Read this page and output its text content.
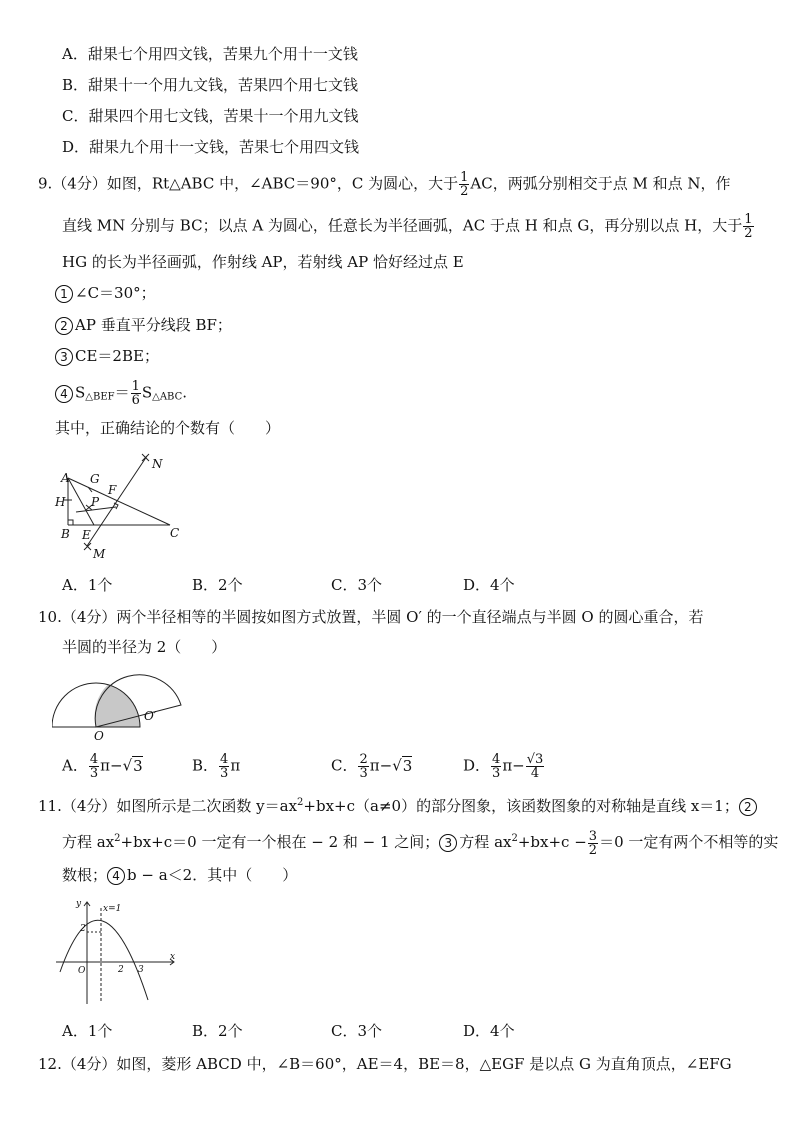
A．甜果七个用四文钱，苦果九个用十一文钱
B．甜果十一个用九文钱，苦果四个用七文钱
C．甜果四个用七文钱，苦果十一个用九文钱
D．甜果九个用十一文钱，苦果七个用四文钱
9.（4分）如图，Rt△ABC 中，∠ABC＝90°，C 为圆心，大于 $\frac{1}{2}$ AC，两弧分别相交于点 M 和点 N，作
直线 MN 分别与 BC；以点 A 为圆心，任意长为半径画弧，AC 于点 H 和点 G，再分别以点 H，大于 $\frac{1}{2}$
HG 的长为半径画弧，作射线 AP，若射线 AP 恰好经过点 E
1 ∠C＝30°；
2 AP 垂直平分线段 BF；
3 CE＝2BE；
4 $S_{\triangle BEF}= \frac{1}{6} S_{\triangle ABC}$.
其中，正确结论的个数有（　　）
A G
H P
F
B E	C
M
N
A．1个	B．2个	C．3个	D．4个
10.（4分）两个半径相等的半圆按如图方式放置，半圆 O′ 的一个直径端点与半圆 O 的圆心重合，若
半圆的半径为 2（　　）
O
O′
A． $\frac{4}{3} \pi-√3$	B． $\frac{4}{3}$ π	C． $\frac{2}{3} \pi-√3$	D． $\frac{4}{3} \pi- \frac{√3}{4}$
11.（4分）如图所示是二次函数 $y=ax^2+bx+c(a\ne 0)$的部分图象，该函数图象的对称轴是直线 x＝1； 2
方程 $ax^2+bx+c=0$ 一定有一个根在 − 2 和 − 1 之间； 3 方程 $ax^2+bx+c - \frac{3}{2} =0$ 一定有两个不相等的实
数根； 4 b − a＜2．其中（　　）
y
x
x=1
2
O	2 3
A．1个	B．2个	C．3个	D．4个
12.（4分）如图，菱形 ABCD 中，∠B＝60°，AE＝4，BE＝8，△EGF 是以点 G 为直角顶点，∠EFG
